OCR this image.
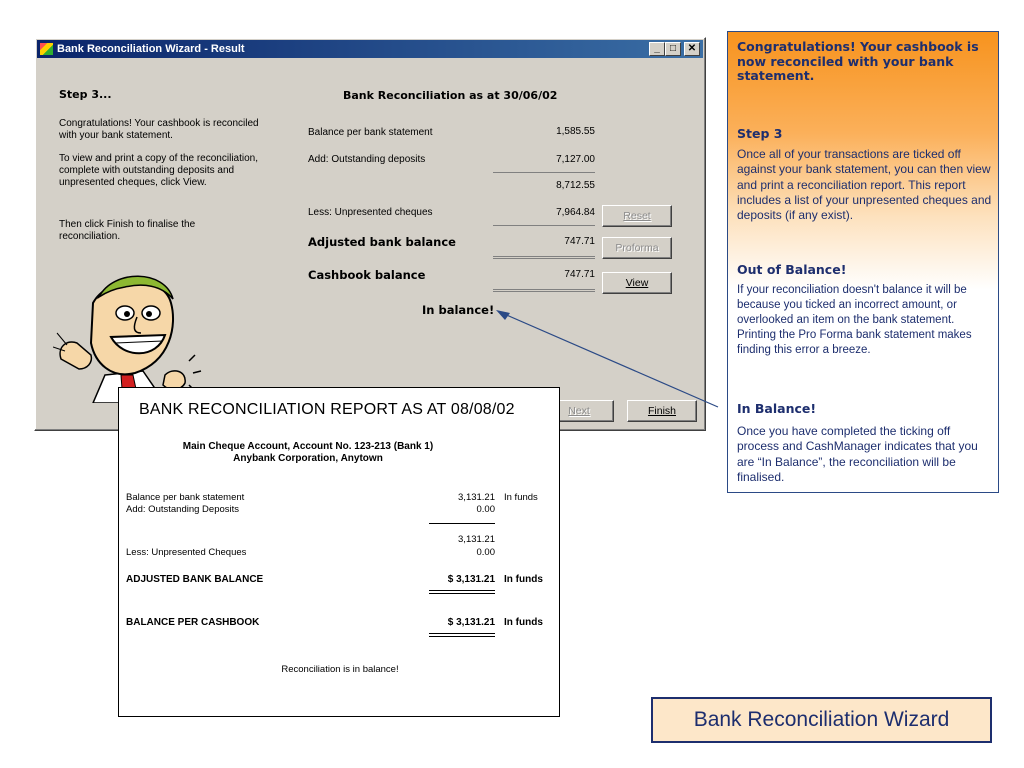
Bank Reconciliation Wizard - Result	_	□	✕
Step 3...
Congratulations! Your cashbook is reconciled with your bank statement.
To view and print a copy of the reconciliation, complete with outstanding deposits and unpresented cheques, click View.
Then click Finish to finalise the reconciliation.
Bank Reconciliation as at 30/06/02
Balance per bank statement	1,585.55
Add: Outstanding deposits	7,127.00
8,712.55
Less: Unpresented cheques	7,964.84
Adjusted bank balance	747.71
Cashbook balance	747.71
In balance!
Reset
Proforma
View
Next	Finish
BANK RECONCILIATION REPORT AS AT 08/08/02
Main Cheque Account, Account No. 123-213 (Bank 1)
Anybank Corporation, Anytown
Balance per bank statement	3,131.21 In funds
Add: Outstanding Deposits	0.00
3,131.21
Less: Unpresented Cheques	0.00
ADJUSTED BANK BALANCE	$ 3,131.21 In funds
BALANCE PER CASHBOOK	$ 3,131.21 In funds
Reconciliation is in balance!
Congratulations! Your cashbook is now reconciled with your bank statement.
Step 3
Once all of your transactions are ticked off against your bank statement, you can then view and print a reconciliation report. This report includes a list of your unpresented cheques and deposits (if any exist).
Out of Balance!
If your reconciliation doesn't balance it will be because you ticked an incorrect amount, or overlooked an item on the bank statement. Printing the Pro Forma bank statement makes finding this error a breeze.
In Balance!
Once you have completed the ticking off process and CashManager indicates that you are “In Balance”, the reconciliation will be finalised.
Bank Reconciliation Wizard
